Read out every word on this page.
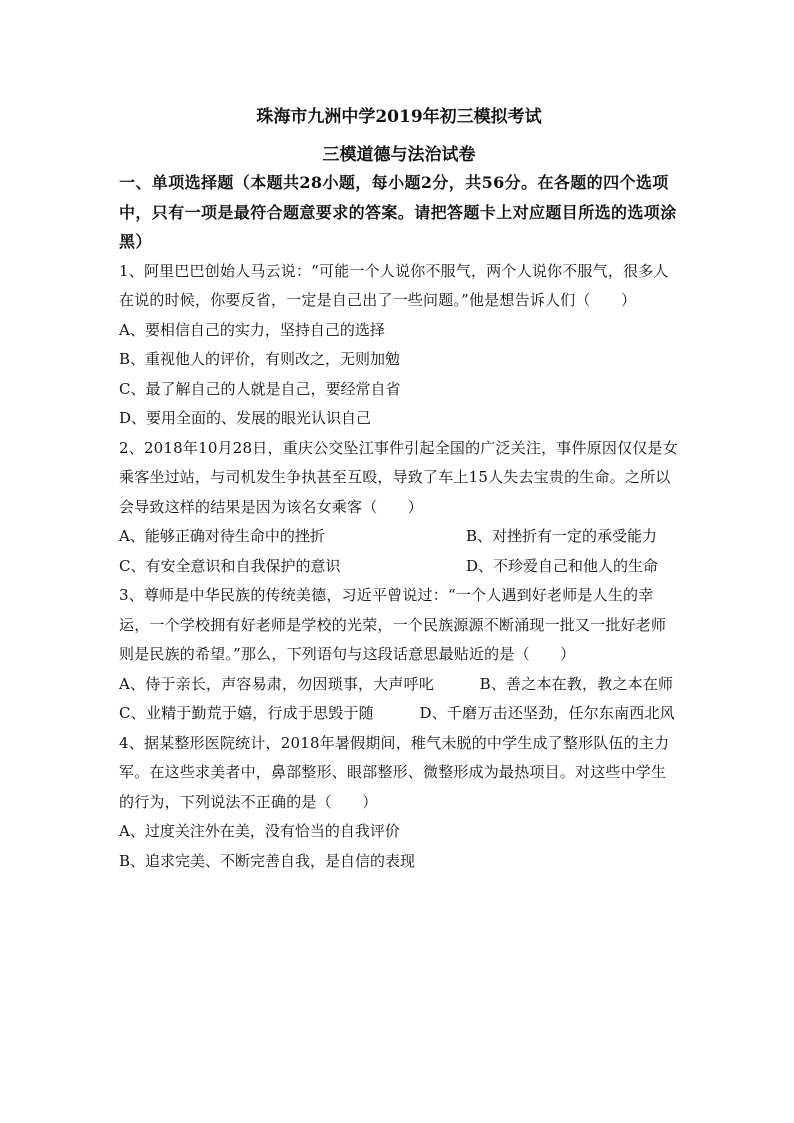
珠海市九洲中学2019年初三模拟考试
三模道德与法治试卷
一、单项选择题（本题共28小题，每小题2分，共56分。在各题的四个选项中，只有一项是最符合题意要求的答案。请把答题卡上对应题目所选的选项涂黑）
1、阿里巴巴创始人马云说：“可能一个人说你不服气，两个人说你不服气，很多人在说的时候，你要反省，一定是自己出了一些问题。”他是想告诉人们（　　）
A、要相信自己的实力，坚持自己的选择
B、重视他人的评价，有则改之，无则加勉
C、最了解自己的人就是自己，要经常自省
D、要用全面的、发展的眼光认识自己
2、2018年10月28日，重庆公交坠江事件引起全国的广泛关注，事件原因仅仅是女乘客坐过站，与司机发生争执甚至互殴，导致了车上15人失去宝贵的生命。之所以会导致这样的结果是因为该名女乘客（　　）
A、能够正确对待生命中的挫折	B、对挫折有一定的承受能力
C、有安全意识和自我保护的意识	D、不珍爱自己和他人的生命
3、尊师是中华民族的传统美德，习近平曾说过：“一个人遇到好老师是人生的幸运，一个学校拥有好老师是学校的光荣，一个民族源源不断涌现一批又一批好老师则是民族的希望。”那么，下列语句与这段话意思最贴近的是（　　）
A、侍于亲长，声容易肃，勿因琐事，大声呼叱　　　B、善之本在教，教之本在师
C、业精于勤荒于嬉，行成于思毁于随　　　D、千磨万击还坚劲，任尔东南西北风
4、据某整形医院统计，2018年暑假期间，稚气未脱的中学生成了整形队伍的主力军。在这些求美者中，鼻部整形、眼部整形、微整形成为最热项目。对这些中学生的行为，下列说法不正确的是（　　）
A、过度关注外在美，没有恰当的自我评价
B、追求完美、不断完善自我，是自信的表现
